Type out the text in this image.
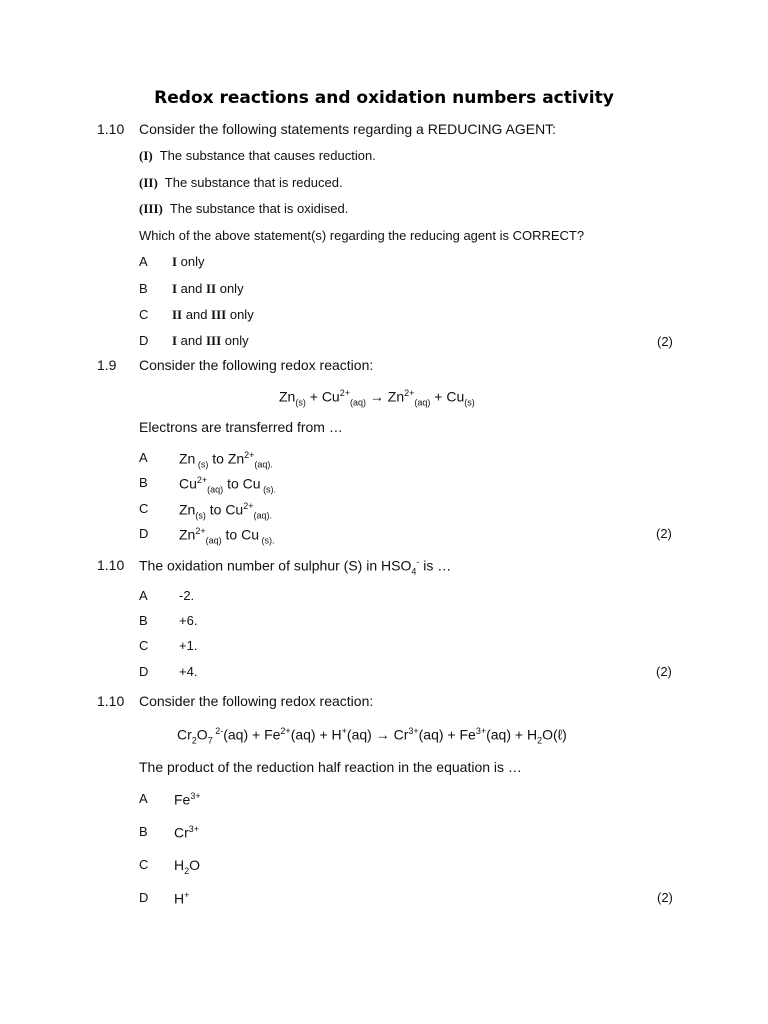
Redox reactions and oxidation numbers activity
1.10 Consider the following statements regarding a REDUCING AGENT:
(I) The substance that causes reduction.
(II) The substance that is reduced.
(III) The substance that is oxidised.
Which of the above statement(s) regarding the reducing agent is CORRECT?
A I only
B I and II only
C II and III only
D I and III only	(2)
1.9 Consider the following redox reaction:
$Zn_{(s)} + Cu^{2+}_{(aq)} \to Zn^{2+}_{(aq)} + Cu_{(s)}$
Electrons are transferred from …
A Zn $_{(s)}$ to $Zn^{2+}_{(aq).}$
B $Cu^{2+}_{(aq)}$ to Cu $_{(s).}$
C $Zn_{(s)}$ to $Cu^{2+}_{(aq).}$
D $Zn^{2+}_{(aq)}$ to Cu $_{(s).}$	(2)
1.10 The oxidation number of sulphur (S) in $HSO_4^-$ is …
A -2.
B +6.
C +1.
D +4.	(2)
1.10 Consider the following redox reaction:
$Cr_2O_7$ $^{2-}(aq) + Fe^{2+}(aq) + H^+(aq) \to Cr^{3+}(aq) + Fe^{3+}(aq)$ + $H_2O(\ell)$
The product of the reduction half reaction in the equation is …
A $Fe^{3+}$
B $Cr^{3+}$
C $H_2O$
D H+	(2)
